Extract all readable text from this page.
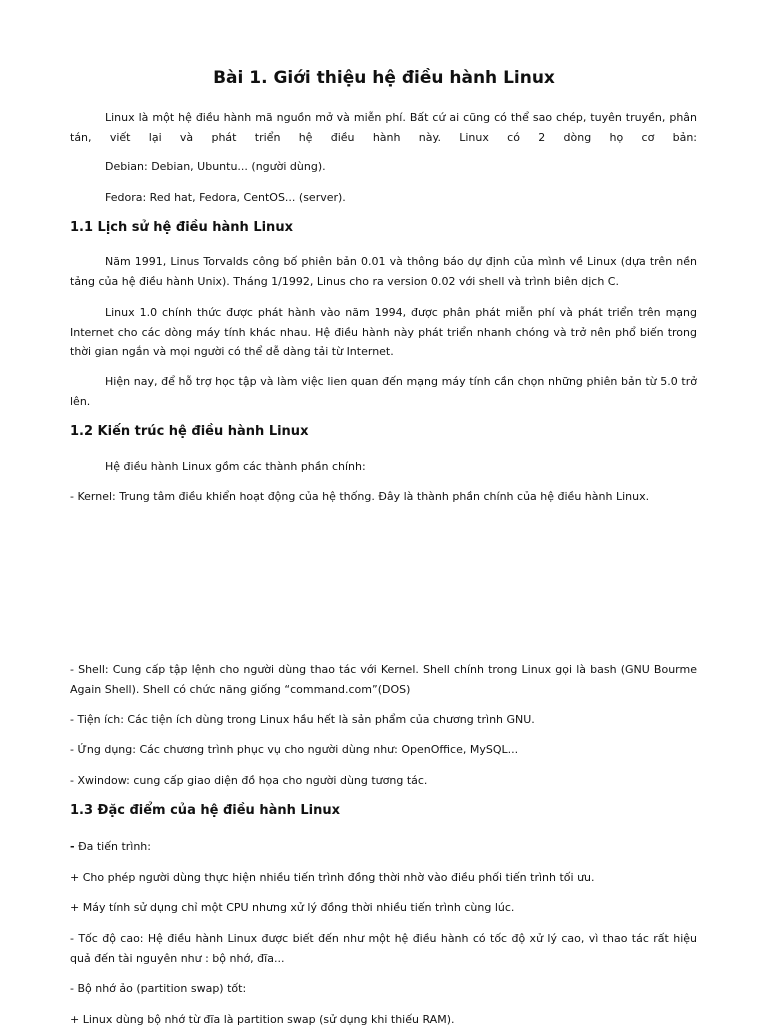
Bài 1. Giới thiệu hệ điều hành Linux

Linux là một hệ điều hành mã nguồn mở và miễn phí. Bất cứ ai cũng có thể sao chép, tuyên truyền, phân tán, viết lại và phát triển hệ điều hành này. Linux có 2 dòng họ cơ bản:

Debian: Debian, Ubuntu... (người dùng).

Fedora: Red hat, Fedora, CentOS... (server).

1.1 Lịch sử hệ điều hành Linux

Năm 1991, Linus Torvalds công bố phiên bản 0.01 và thông báo dự định của mình về Linux (dựa trên nền tảng của hệ điều hành Unix). Tháng 1/1992, Linus cho ra version 0.02 với shell và trình biên dịch C.

Linux 1.0 chính thức được phát hành vào năm 1994, được phân phát miễn phí và phát triển trên mạng Internet cho các dòng máy tính khác nhau. Hệ điều hành này phát triển nhanh chóng và trở nên phổ biến trong thời gian ngắn và mọi người có thể dễ dàng tải từ Internet.

Hiện nay, để hỗ trợ học tập và làm việc lien quan đến mạng máy tính cần chọn những phiên bản từ 5.0 trở lên.

1.2 Kiến trúc hệ điều hành Linux

Hệ điều hành Linux gồm các thành phần chính:

- Kernel: Trung tâm điều khiển hoạt động của hệ thống. Đây là thành phần chính của hệ điều hành Linux.

- Shell: Cung cấp tập lệnh cho người dùng thao tác với Kernel. Shell chính trong Linux gọi là bash (GNU Bourme Again Shell). Shell có chức năng giống “command.com”(DOS)

- Tiện ích: Các tiện ích dùng trong Linux hầu hết là sản phẩm của chương trình GNU.

- Ứng dụng: Các chương trình phục vụ cho người dùng như: OpenOffice, MySQL...

- Xwindow: cung cấp giao diện đồ họa cho người dùng tương tác.

1.3 Đặc điểm của hệ điều hành Linux

- Đa tiến trình:

+ Cho phép người dùng thực hiện nhiều tiến trình đồng thời nhờ vào điều phối tiến trình tối ưu.

+ Máy tính sử dụng chỉ một CPU nhưng xử lý đồng thời nhiều tiến trình cùng lúc.

- Tốc độ cao: Hệ điều hành Linux được biết đến như một hệ điều hành có tốc độ xử lý cao, vì thao tác rất hiệu quả đến tài nguyên như : bộ nhớ, đĩa...

- Bộ nhớ ảo (partition swap) tốt:

+ Linux dùng bộ nhớ từ đĩa là partition swap (sử dụng khi thiếu RAM).
